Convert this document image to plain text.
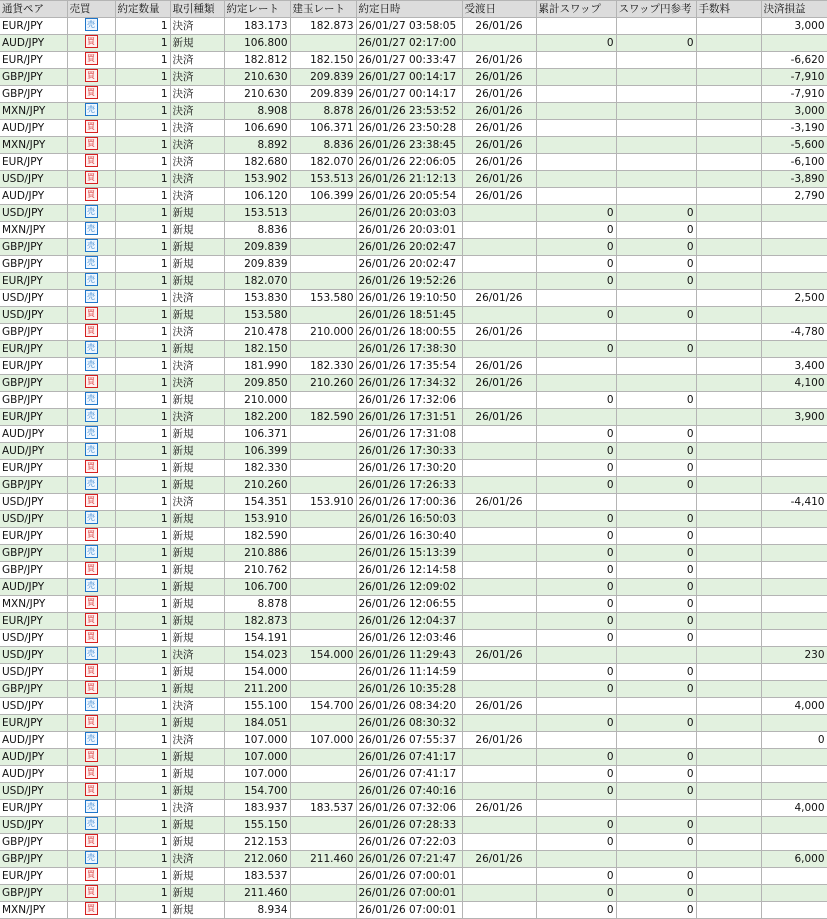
通貨ペア	売買	約定数量	取引種類	約定レート	建玉レート	約定日時	受渡日	累計スワップ	スワップ円参考	手数料	決済損益
EUR/JPY	売	1	決済	183.173	182.873	26/01/27 03:58:05	26/01/26				3,000
AUD/JPY	買	1	新規	106.800		26/01/27 02:17:00		0	0		
EUR/JPY	買	1	決済	182.812	182.150	26/01/27 00:33:47	26/01/26				-6,620
GBP/JPY	買	1	決済	210.630	209.839	26/01/27 00:14:17	26/01/26				-7,910
GBP/JPY	買	1	決済	210.630	209.839	26/01/27 00:14:17	26/01/26				-7,910
MXN/JPY	売	1	決済	8.908	8.878	26/01/26 23:53:52	26/01/26				3,000
AUD/JPY	買	1	決済	106.690	106.371	26/01/26 23:50:28	26/01/26				-3,190
MXN/JPY	買	1	決済	8.892	8.836	26/01/26 23:38:45	26/01/26				-5,600
EUR/JPY	買	1	決済	182.680	182.070	26/01/26 22:06:05	26/01/26				-6,100
USD/JPY	買	1	決済	153.902	153.513	26/01/26 21:12:13	26/01/26				-3,890
AUD/JPY	買	1	決済	106.120	106.399	26/01/26 20:05:54	26/01/26				2,790
USD/JPY	売	1	新規	153.513		26/01/26 20:03:03		0	0		
MXN/JPY	売	1	新規	8.836		26/01/26 20:03:01		0	0		
GBP/JPY	売	1	新規	209.839		26/01/26 20:02:47		0	0		
GBP/JPY	売	1	新規	209.839		26/01/26 20:02:47		0	0		
EUR/JPY	売	1	新規	182.070		26/01/26 19:52:26		0	0		
USD/JPY	売	1	決済	153.830	153.580	26/01/26 19:10:50	26/01/26				2,500
USD/JPY	買	1	新規	153.580		26/01/26 18:51:45		0	0		
GBP/JPY	買	1	決済	210.478	210.000	26/01/26 18:00:55	26/01/26				-4,780
EUR/JPY	売	1	新規	182.150		26/01/26 17:38:30		0	0		
EUR/JPY	売	1	決済	181.990	182.330	26/01/26 17:35:54	26/01/26				3,400
GBP/JPY	買	1	決済	209.850	210.260	26/01/26 17:34:32	26/01/26				4,100
GBP/JPY	売	1	新規	210.000		26/01/26 17:32:06		0	0		
EUR/JPY	売	1	決済	182.200	182.590	26/01/26 17:31:51	26/01/26				3,900
AUD/JPY	売	1	新規	106.371		26/01/26 17:31:08		0	0		
AUD/JPY	売	1	新規	106.399		26/01/26 17:30:33		0	0		
EUR/JPY	買	1	新規	182.330		26/01/26 17:30:20		0	0		
GBP/JPY	売	1	新規	210.260		26/01/26 17:26:33		0	0		
USD/JPY	買	1	決済	154.351	153.910	26/01/26 17:00:36	26/01/26				-4,410
USD/JPY	売	1	新規	153.910		26/01/26 16:50:03		0	0		
EUR/JPY	買	1	新規	182.590		26/01/26 16:30:40		0	0		
GBP/JPY	売	1	新規	210.886		26/01/26 15:13:39		0	0		
GBP/JPY	買	1	新規	210.762		26/01/26 12:14:58		0	0		
AUD/JPY	売	1	新規	106.700		26/01/26 12:09:02		0	0		
MXN/JPY	買	1	新規	8.878		26/01/26 12:06:55		0	0		
EUR/JPY	買	1	新規	182.873		26/01/26 12:04:37		0	0		
USD/JPY	買	1	新規	154.191		26/01/26 12:03:46		0	0		
USD/JPY	売	1	決済	154.023	154.000	26/01/26 11:29:43	26/01/26				230
USD/JPY	買	1	新規	154.000		26/01/26 11:14:59		0	0		
GBP/JPY	買	1	新規	211.200		26/01/26 10:35:28		0	0		
USD/JPY	売	1	決済	155.100	154.700	26/01/26 08:34:20	26/01/26				4,000
EUR/JPY	買	1	新規	184.051		26/01/26 08:30:32		0	0		
AUD/JPY	売	1	決済	107.000	107.000	26/01/26 07:55:37	26/01/26				0
AUD/JPY	買	1	新規	107.000		26/01/26 07:41:17		0	0		
AUD/JPY	買	1	新規	107.000		26/01/26 07:41:17		0	0		
USD/JPY	買	1	新規	154.700		26/01/26 07:40:16		0	0		
EUR/JPY	売	1	決済	183.937	183.537	26/01/26 07:32:06	26/01/26				4,000
USD/JPY	売	1	新規	155.150		26/01/26 07:28:33		0	0		
GBP/JPY	買	1	新規	212.153		26/01/26 07:22:03		0	0		
GBP/JPY	売	1	決済	212.060	211.460	26/01/26 07:21:47	26/01/26				6,000
EUR/JPY	買	1	新規	183.537		26/01/26 07:00:01		0	0		
GBP/JPY	買	1	新規	211.460		26/01/26 07:00:01		0	0		
MXN/JPY	買	1	新規	8.934		26/01/26 07:00:01		0	0		
